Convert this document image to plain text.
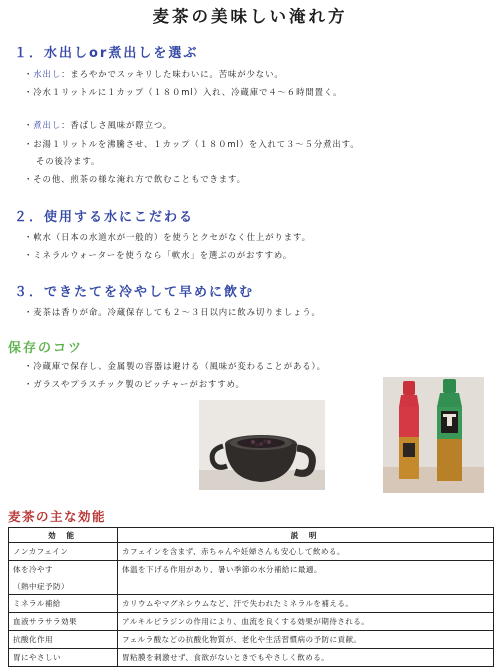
麦茶の美味しい淹れ方
１．水出しor煮出しを選ぶ
・水出し：まろやかでスッキリした味わいに。苦味が少ない。
・冷水１リットルに１カップ（１８０ml）入れ、冷蔵庫で４～６時間置く。
・煮出し：香ばしさ風味が際立つ。
・お湯１リットルを沸騰させ、１カップ（１８０ml）を入れて３～５分煮出す。
その後冷ます。
・その他、煎茶の様な淹れ方で飲むこともできます。
２．使用する水にこだわる
・軟水（日本の水道水が一般的）を使うとクセがなく仕上がります。
・ミネラルウォーターを使うなら「軟水」を選ぶのがおすすめ。
３．できたてを冷やして早めに飲む
・麦茶は香りが命。冷蔵保存しても２～３日以内に飲み切りましょう。
保存のコツ
・冷蔵庫で保存し、金属製の容器は避ける（風味が変わることがある）。
・ガラスやプラスチック製のピッチャーがおすすめ。
麦茶の主な効能
効 能	説 明
ノンカフェイン	カフェインを含まず、赤ちゃんや妊婦さんも安心して飲める。

体を冷やす
（熱中症予防）	体温を下げる作用があり、暑い季節の水分補給に最適。
ミネラル補給	カリウムやマグネシウムなど、汗で失われたミネラルを補える。
血液サラサラ効果	アルキルピラジンの作用により、血流を良くする効果が期待される。
抗酸化作用	フェルラ酸などの抗酸化物質が、老化や生活習慣病の予防に貢献。
胃にやさしい	胃粘膜を刺激せず、食欲がないときでもやさしく飲める。
